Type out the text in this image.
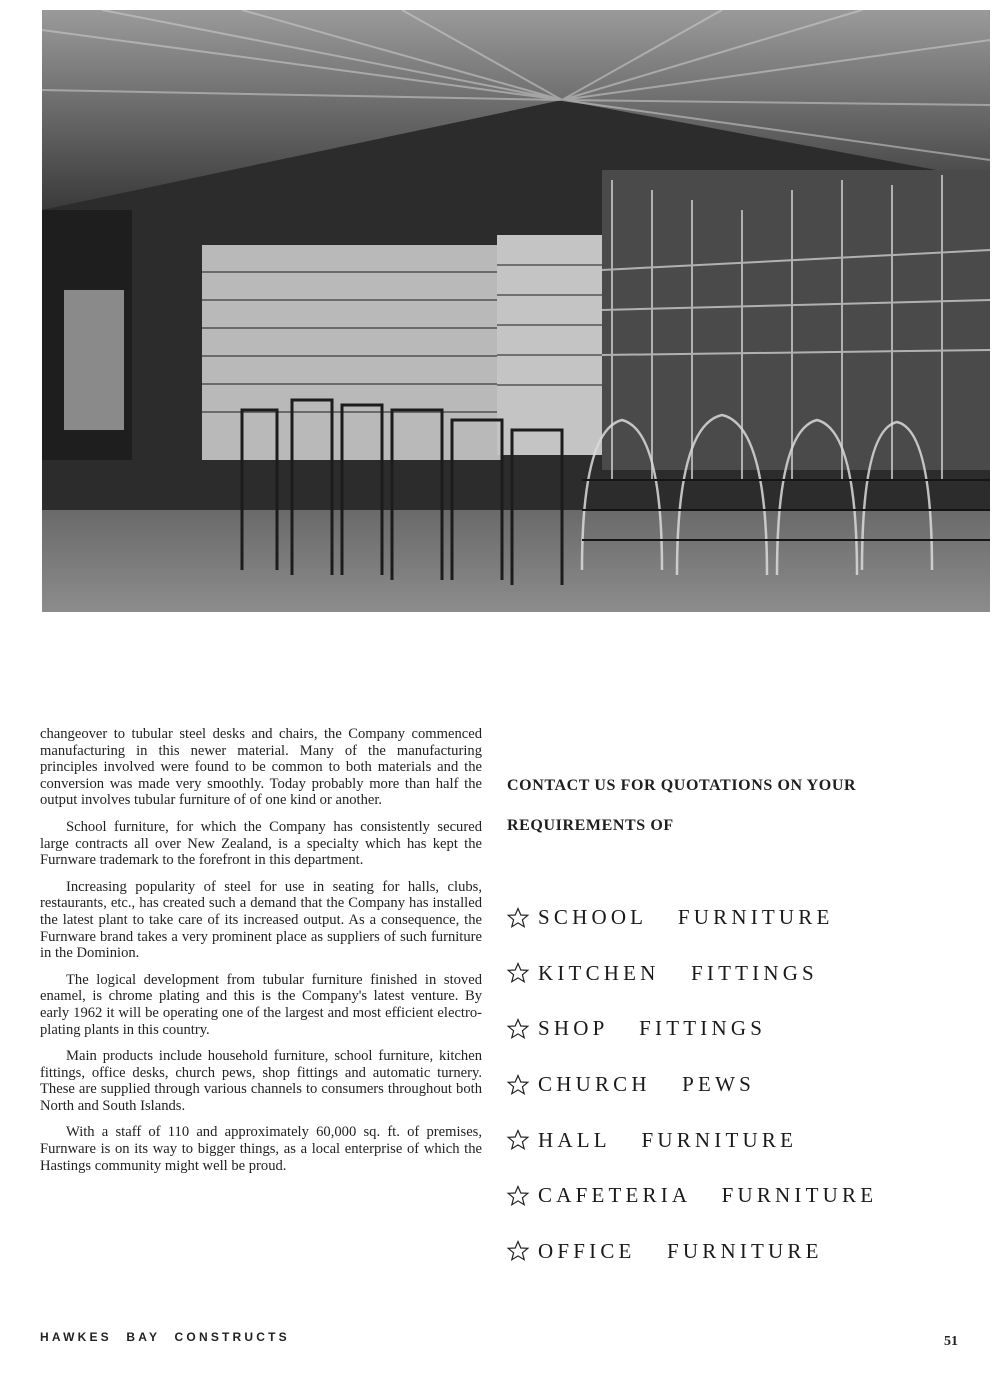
changeover to tubular steel desks and chairs, the Company commenced manufacturing in this newer material. Many of the manufacturing principles involved were found to be common to both materials and the conversion was made very smoothly. Today probably more than half the output involves tubular furniture of of one kind or another.

School furniture, for which the Company has consistently secured large contracts all over New Zealand, is a specialty which has kept the Furnware trademark to the forefront in this department.

Increasing popularity of steel for use in seating for halls, clubs, restaurants, etc., has created such a demand that the Company has installed the latest plant to take care of its increased output. As a consequence, the Furnware brand takes a very prominent place as suppliers of such furniture in the Dominion.

The logical development from tubular furniture finished in stoved enamel, is chrome plating and this is the Company's latest venture. By early 1962 it will be operating one of the largest and most efficient electro-plating plants in this country.

Main products include household furniture, school furniture, kitchen fittings, office desks, church pews, shop fittings and automatic turnery. These are supplied through various channels to consumers throughout both North and South Islands.

With a staff of 110 and approximately 60,000 sq. ft. of premises, Furnware is on its way to bigger things, as a local enterprise of which the Hastings community might well be proud.

CONTACT US FOR QUOTATIONS ON YOUR REQUIREMENTS OF
SCHOOL FURNITURE
KITCHEN FITTINGS
SHOP FITTINGS
CHURCH PEWS
HALL FURNITURE
CAFETERIA FURNITURE
OFFICE FURNITURE
HAWKES BAY CONSTRUCTS	51
